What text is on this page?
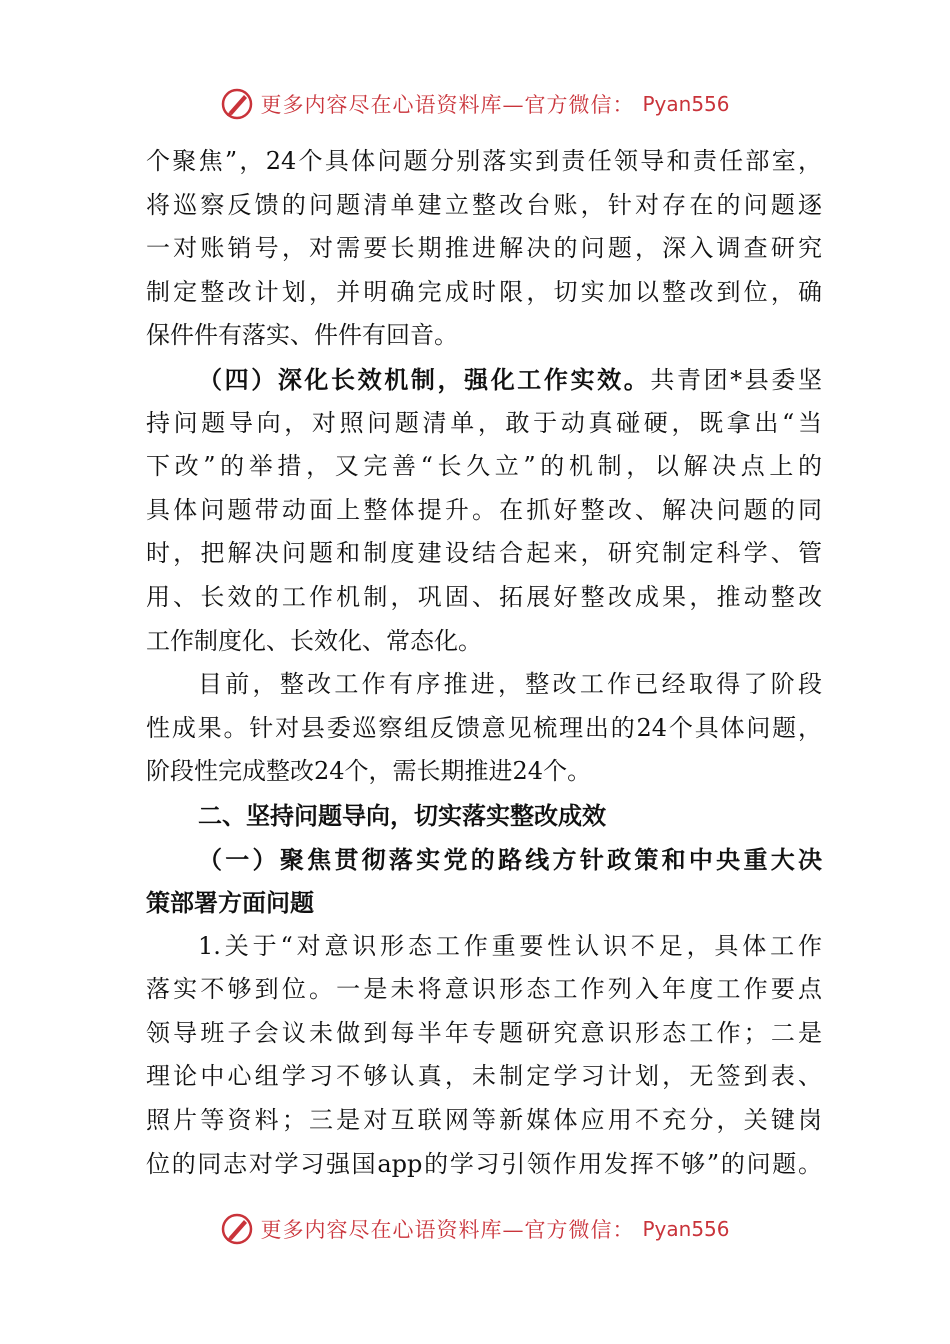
更多内容尽在心语资料库—官方微信： Pyan556
个聚焦”，24个具体问题分别落实到责任领导和责任部室，
将巡察反馈的问题清单建立整改台账，针对存在的问题逐
一对账销号，对需要长期推进解决的问题，深入调查研究
制定整改计划，并明确完成时限，切实加以整改到位，确
保件件有落实、件件有回音。
（四）深化长效机制，强化工作实效。共青团*县委坚
持问题导向，对照问题清单，敢于动真碰硬，既拿出“当
下改”的举措，又完善“长久立”的机制，以解决点上的
具体问题带动面上整体提升。在抓好整改、解决问题的同
时，把解决问题和制度建设结合起来，研究制定科学、管
用、长效的工作机制，巩固、拓展好整改成果，推动整改
工作制度化、长效化、常态化。
目前，整改工作有序推进，整改工作已经取得了阶段
性成果。针对县委巡察组反馈意见梳理出的24个具体问题，
阶段性完成整改24个，需长期推进24个。
二、坚持问题导向，切实落实整改成效
（一）聚焦贯彻落实党的路线方针政策和中央重大决
策部署方面问题
1.关于“对意识形态工作重要性认识不足，具体工作
落实不够到位。一是未将意识形态工作列入年度工作要点
领导班子会议未做到每半年专题研究意识形态工作；二是
理论中心组学习不够认真，未制定学习计划，无签到表、
照片等资料；三是对互联网等新媒体应用不充分，关键岗
位的同志对学习强国app的学习引领作用发挥不够”的问题。
更多内容尽在心语资料库—官方微信： Pyan556
